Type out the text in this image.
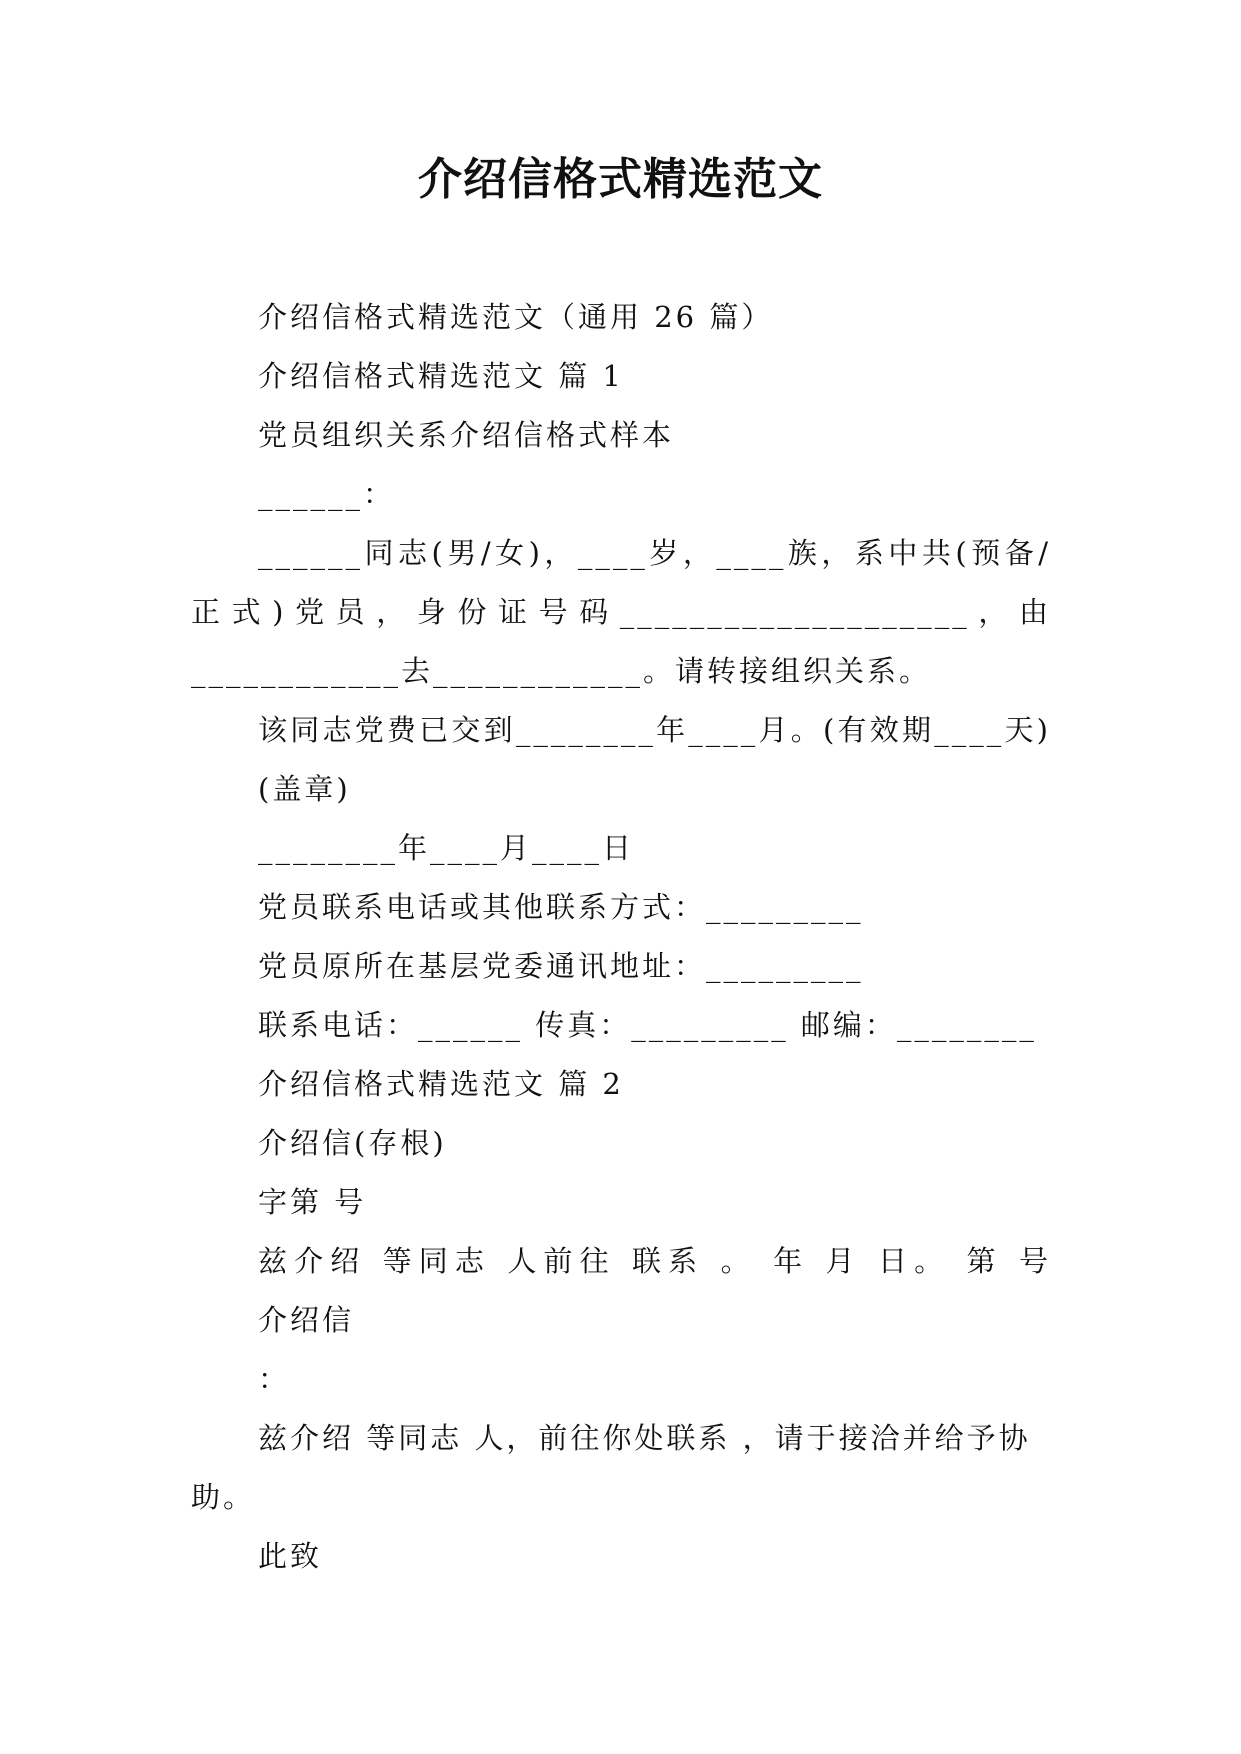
介绍信格式精选范文

介绍信格式精选范文（通用 26 篇）

介绍信格式精选范文 篇 1

党员组织关系介绍信格式样本

______：

______同志(男/女)，____岁，____族，系中共(预备/

正式)党员，身份证号码____________________，由

____________去____________。请转接组织关系。

该同志党费已交到________年____月。(有效期____天)

(盖章)

________年____月____日

党员联系电话或其他联系方式：_________

党员原所在基层党委通讯地址：_________

联系电话：______ 传真：_________ 邮编：________

介绍信格式精选范文 篇 2

介绍信(存根)

字第 号

兹介绍 等同志 人前往 联系 。 年 月 日。 第 号

介绍信

：

兹介绍 等同志 人，前往你处联系 ，请于接洽并给予协助。

此致
